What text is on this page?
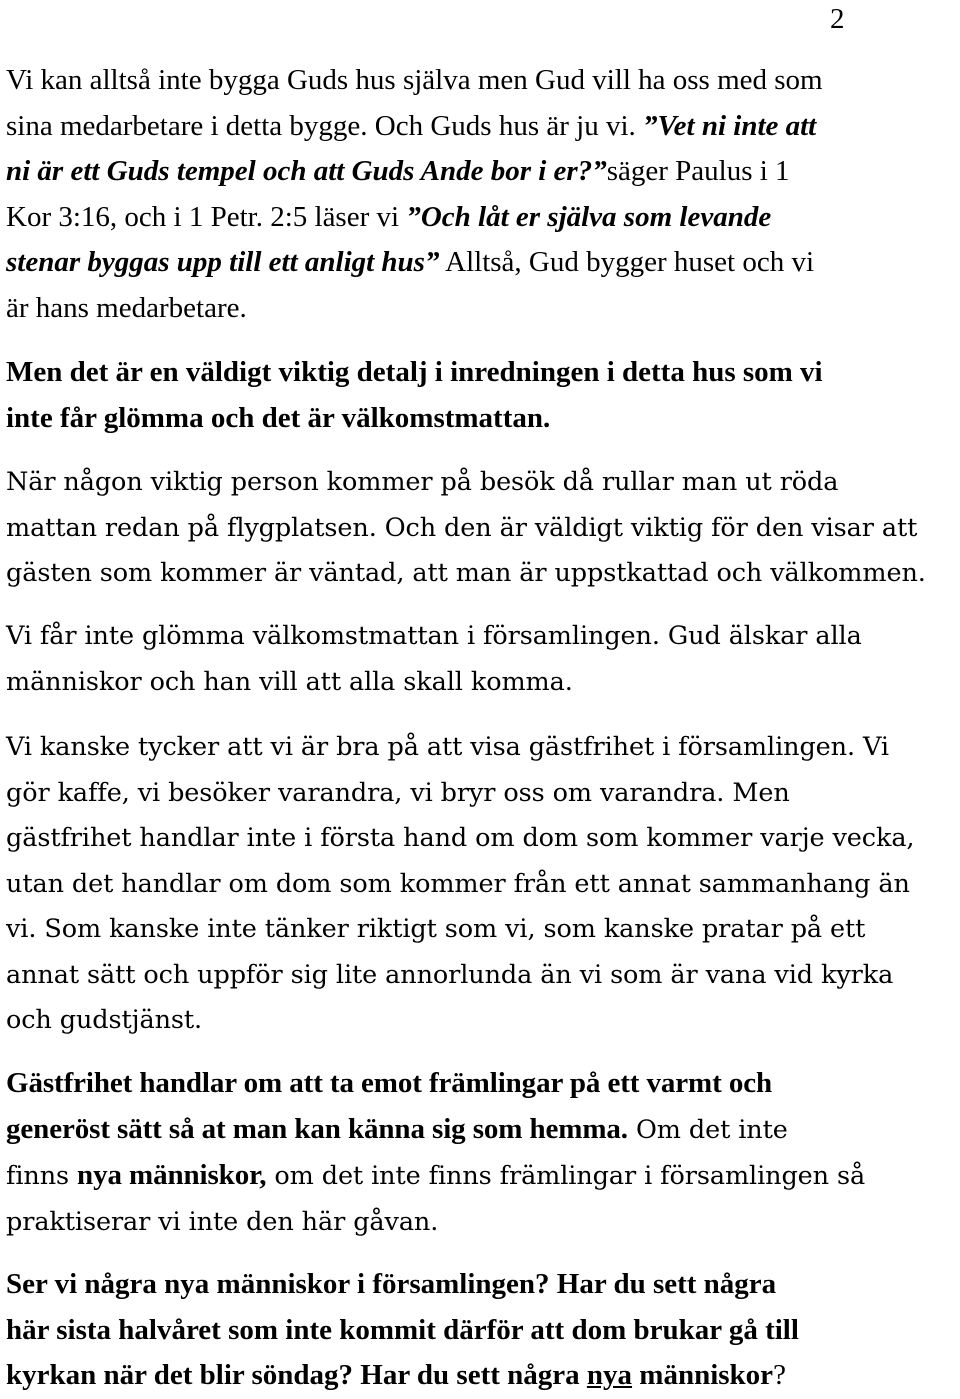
2
Vi kan alltså inte bygga Guds hus själva men Gud vill ha oss med som
sina medarbetare i detta bygge. Och Guds hus är ju vi. ”Vet ni inte att
ni är ett Guds tempel och att Guds Ande bor i er?”säger Paulus i 1
Kor 3:16, och i 1 Petr. 2:5 läser vi ”Och låt er själva som levande
stenar byggas upp till ett anligt hus” Alltså, Gud bygger huset och vi
är hans medarbetare.
Men det är en väldigt viktig detalj i inredningen i detta hus som vi
inte får glömma och det är välkomstmattan.
När någon viktig person kommer på besök då rullar man ut röda
mattan redan på flygplatsen. Och den är väldigt viktig för den visar att
gästen som kommer är väntad, att man är uppstkattad och välkommen.
Vi får inte glömma välkomstmattan i församlingen. Gud älskar alla
människor och han vill att alla skall komma.
Vi kanske tycker att vi är bra på att visa gästfrihet i församlingen. Vi
gör kaffe, vi besöker varandra, vi bryr oss om varandra. Men
gästfrihet handlar inte i första hand om dom som kommer varje vecka,
utan det handlar om dom som kommer från ett annat sammanhang än
vi. Som kanske inte tänker riktigt som vi, som kanske pratar på ett
annat sätt och uppför sig lite annorlunda än vi som är vana vid kyrka
och gudstjänst.
Gästfrihet handlar om att ta emot främlingar på ett varmt och
generöst sätt så at man kan känna sig som hemma. Om det inte
finns nya människor, om det inte finns främlingar i församlingen så
praktiserar vi inte den här gåvan.
Ser vi några nya människor i församlingen? Har du sett några
här sista halvåret som inte kommit därför att dom brukar gå till
kyrkan när det blir söndag? Har du sett några nya människor?
